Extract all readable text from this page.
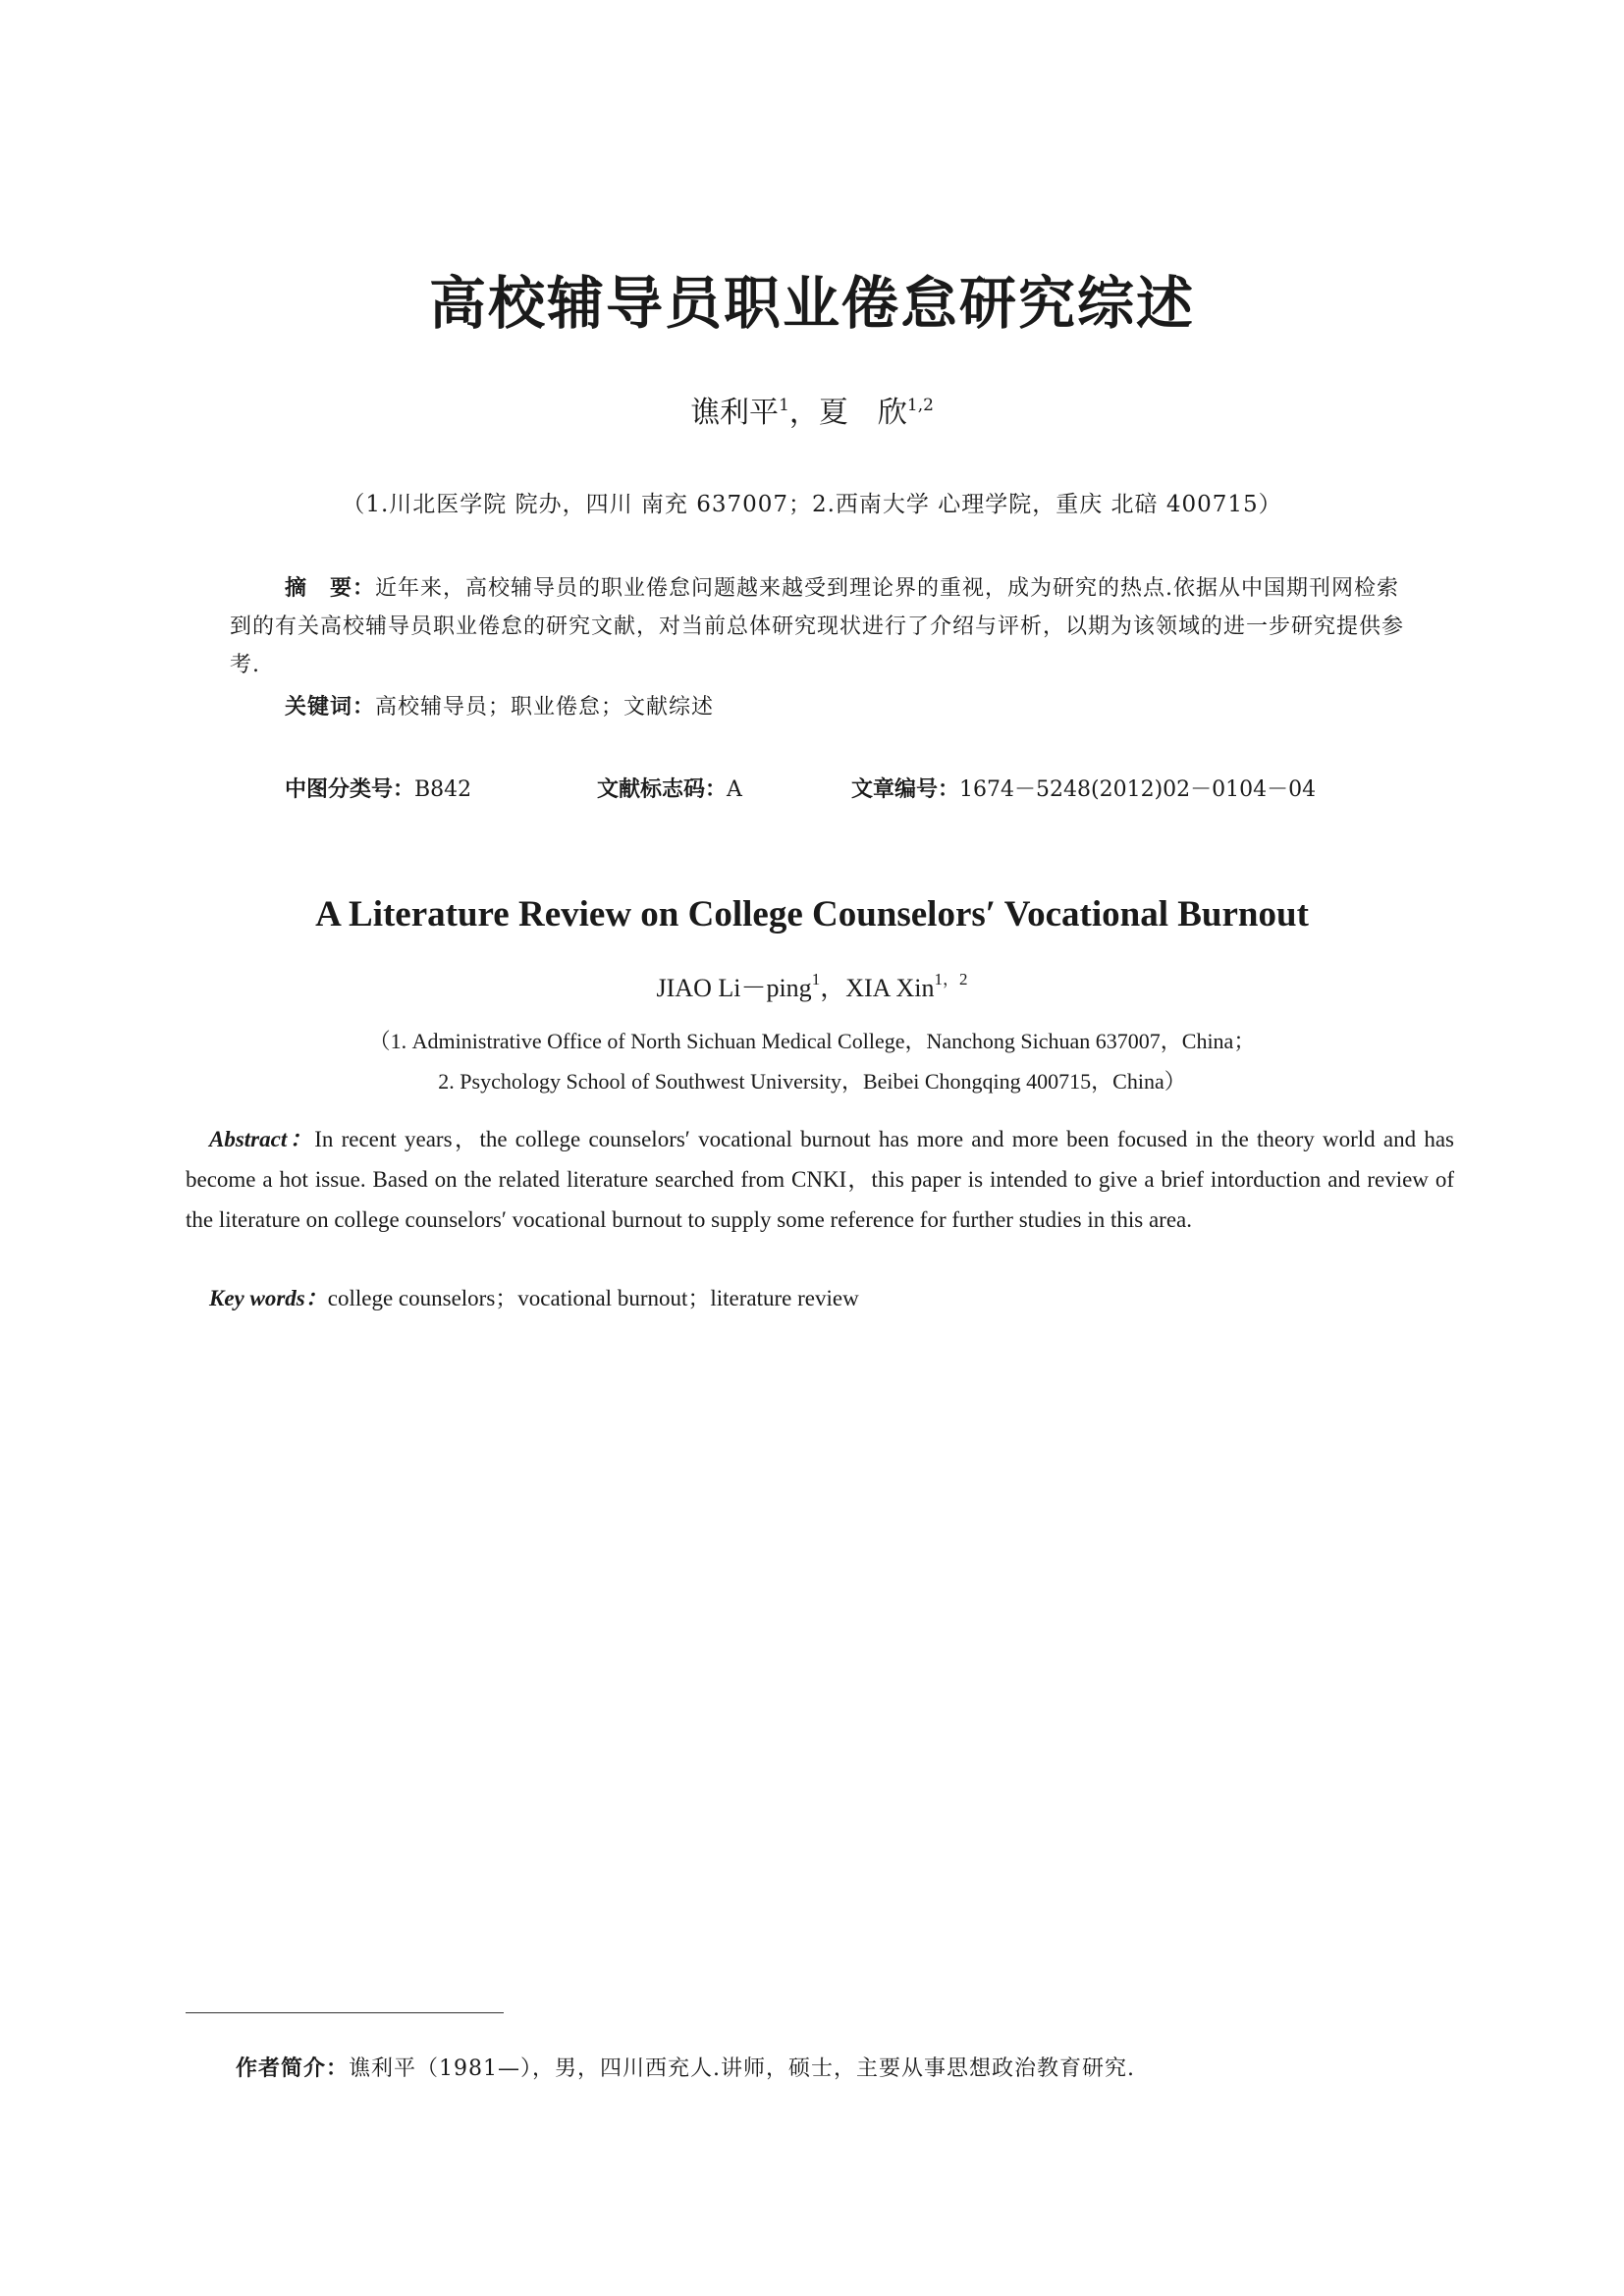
高校辅导员职业倦怠研究综述
谯利平$^1$，夏　欣$^{1,2}$
（1.川北医学院 院办，四川 南充 637007；2.西南大学 心理学院，重庆 北碚 400715）
摘　要：近年来，高校辅导员的职业倦怠问题越来越受到理论界的重视，成为研究的热点.依据从中国期刊网检索到的有关高校辅导员职业倦怠的研究文献，对当前总体研究现状进行了介绍与评析，以期为该领域的进一步研究提供参考.
关键词：高校辅导员；职业倦怠；文献综述
中图分类号：B842	文献标志码：A	文章编号：1674－5248(2012)02－0104－04
A Literature Review on College Counselors′ Vocational Burnout
JIAO Li－ping$^1$，XIA Xin$^{1,2}$
（1. Administrative Office of North Sichuan Medical College，Nanchong Sichuan 637007，China；
2. Psychology School of Southwest University，Beibei Chongqing 400715，China）
Abstract：In recent years，the college counselors′ vocational burnout has more and more been focused in the theory world and has become a hot issue. Based on the related literature searched from CNKI，this paper is intended to give a brief intorduction and review of the literature on college counselors′ vocational burnout to supply some reference for further studies in this area.
Key words：college counselors；vocational burnout；literature review
作者简介：谯利平（1981—），男，四川西充人.讲师，硕士，主要从事思想政治教育研究.
